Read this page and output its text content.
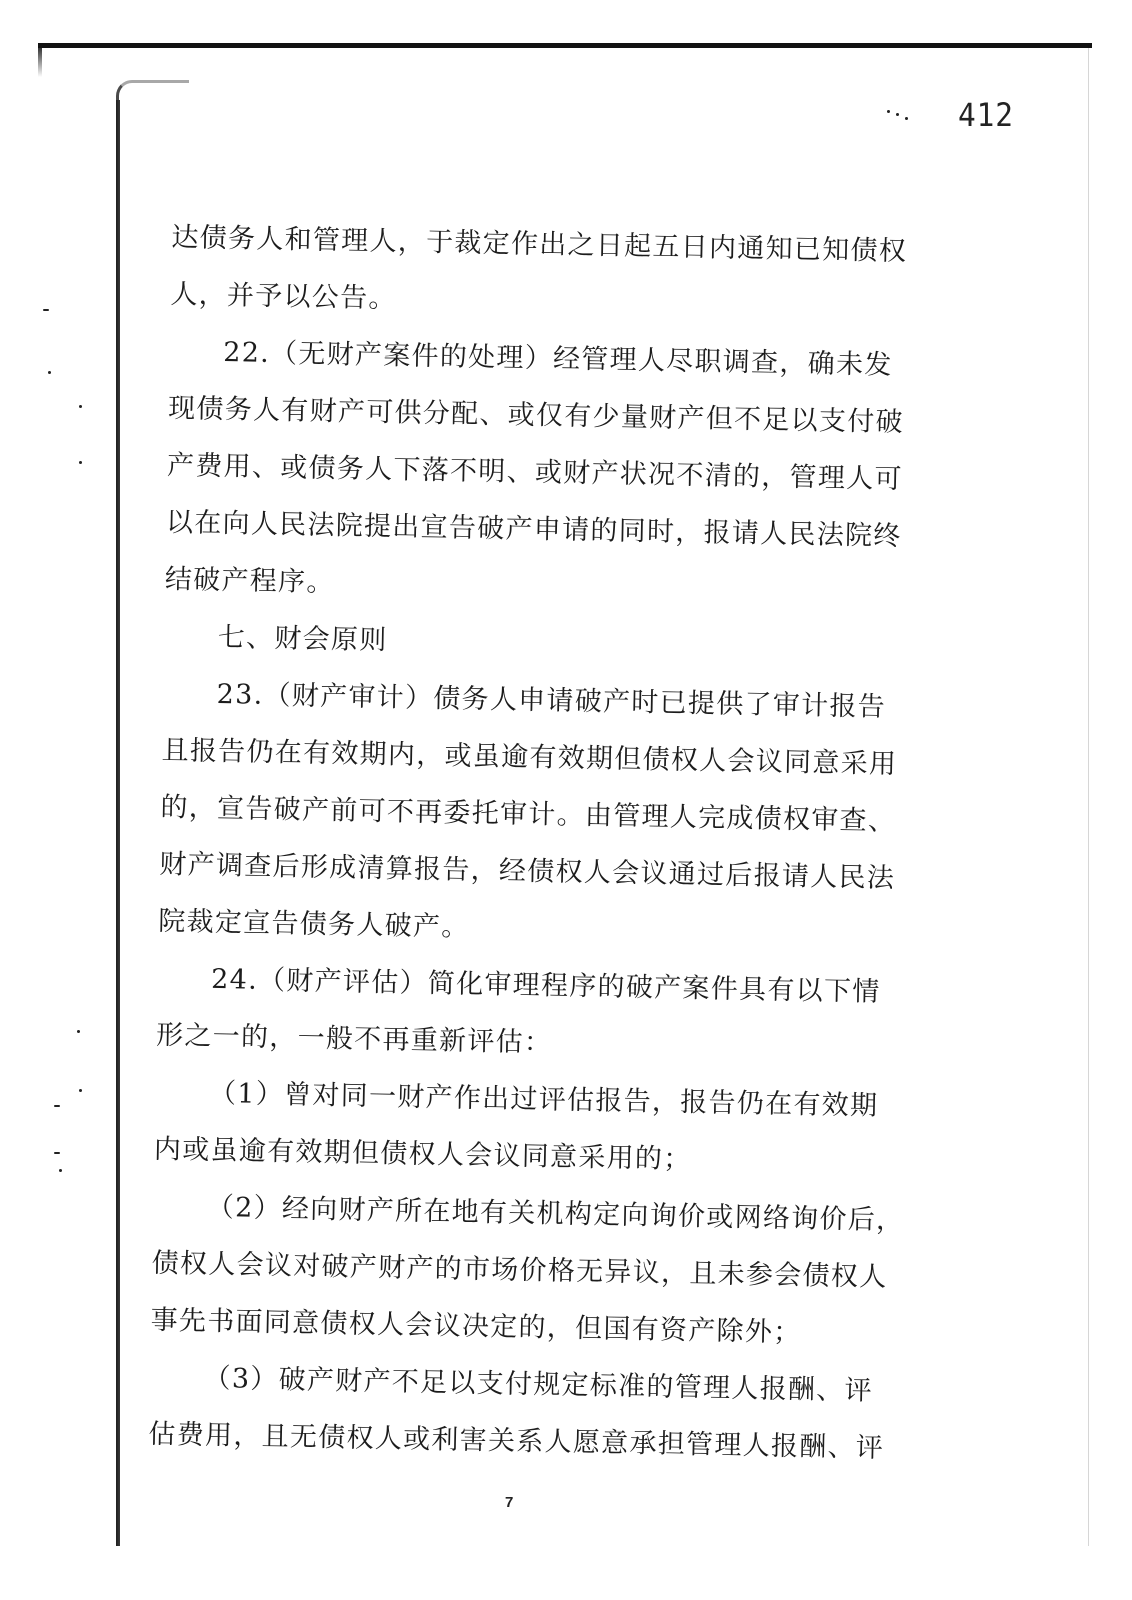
412
达债务人和管理人，于裁定作出之日起五日内通知已知债权
人，并予以公告。
22.（无财产案件的处理）经管理人尽职调查，确未发
现债务人有财产可供分配、或仅有少量财产但不足以支付破
产费用、或债务人下落不明、或财产状况不清的，管理人可
以在向人民法院提出宣告破产申请的同时，报请人民法院终
结破产程序。
七、财会原则
23.（财产审计）债务人申请破产时已提供了审计报告
且报告仍在有效期内，或虽逾有效期但债权人会议同意采用
的，宣告破产前可不再委托审计。由管理人完成债权审查、
财产调查后形成清算报告，经债权人会议通过后报请人民法
院裁定宣告债务人破产。
24.（财产评估）简化审理程序的破产案件具有以下情
形之一的，一般不再重新评估：
（1）曾对同一财产作出过评估报告，报告仍在有效期
内或虽逾有效期但债权人会议同意采用的；
（2）经向财产所在地有关机构定向询价或网络询价后，
债权人会议对破产财产的市场价格无异议，且未参会债权人
事先书面同意债权人会议决定的，但国有资产除外；
（3）破产财产不足以支付规定标准的管理人报酬、评
估费用，且无债权人或利害关系人愿意承担管理人报酬、评
7
